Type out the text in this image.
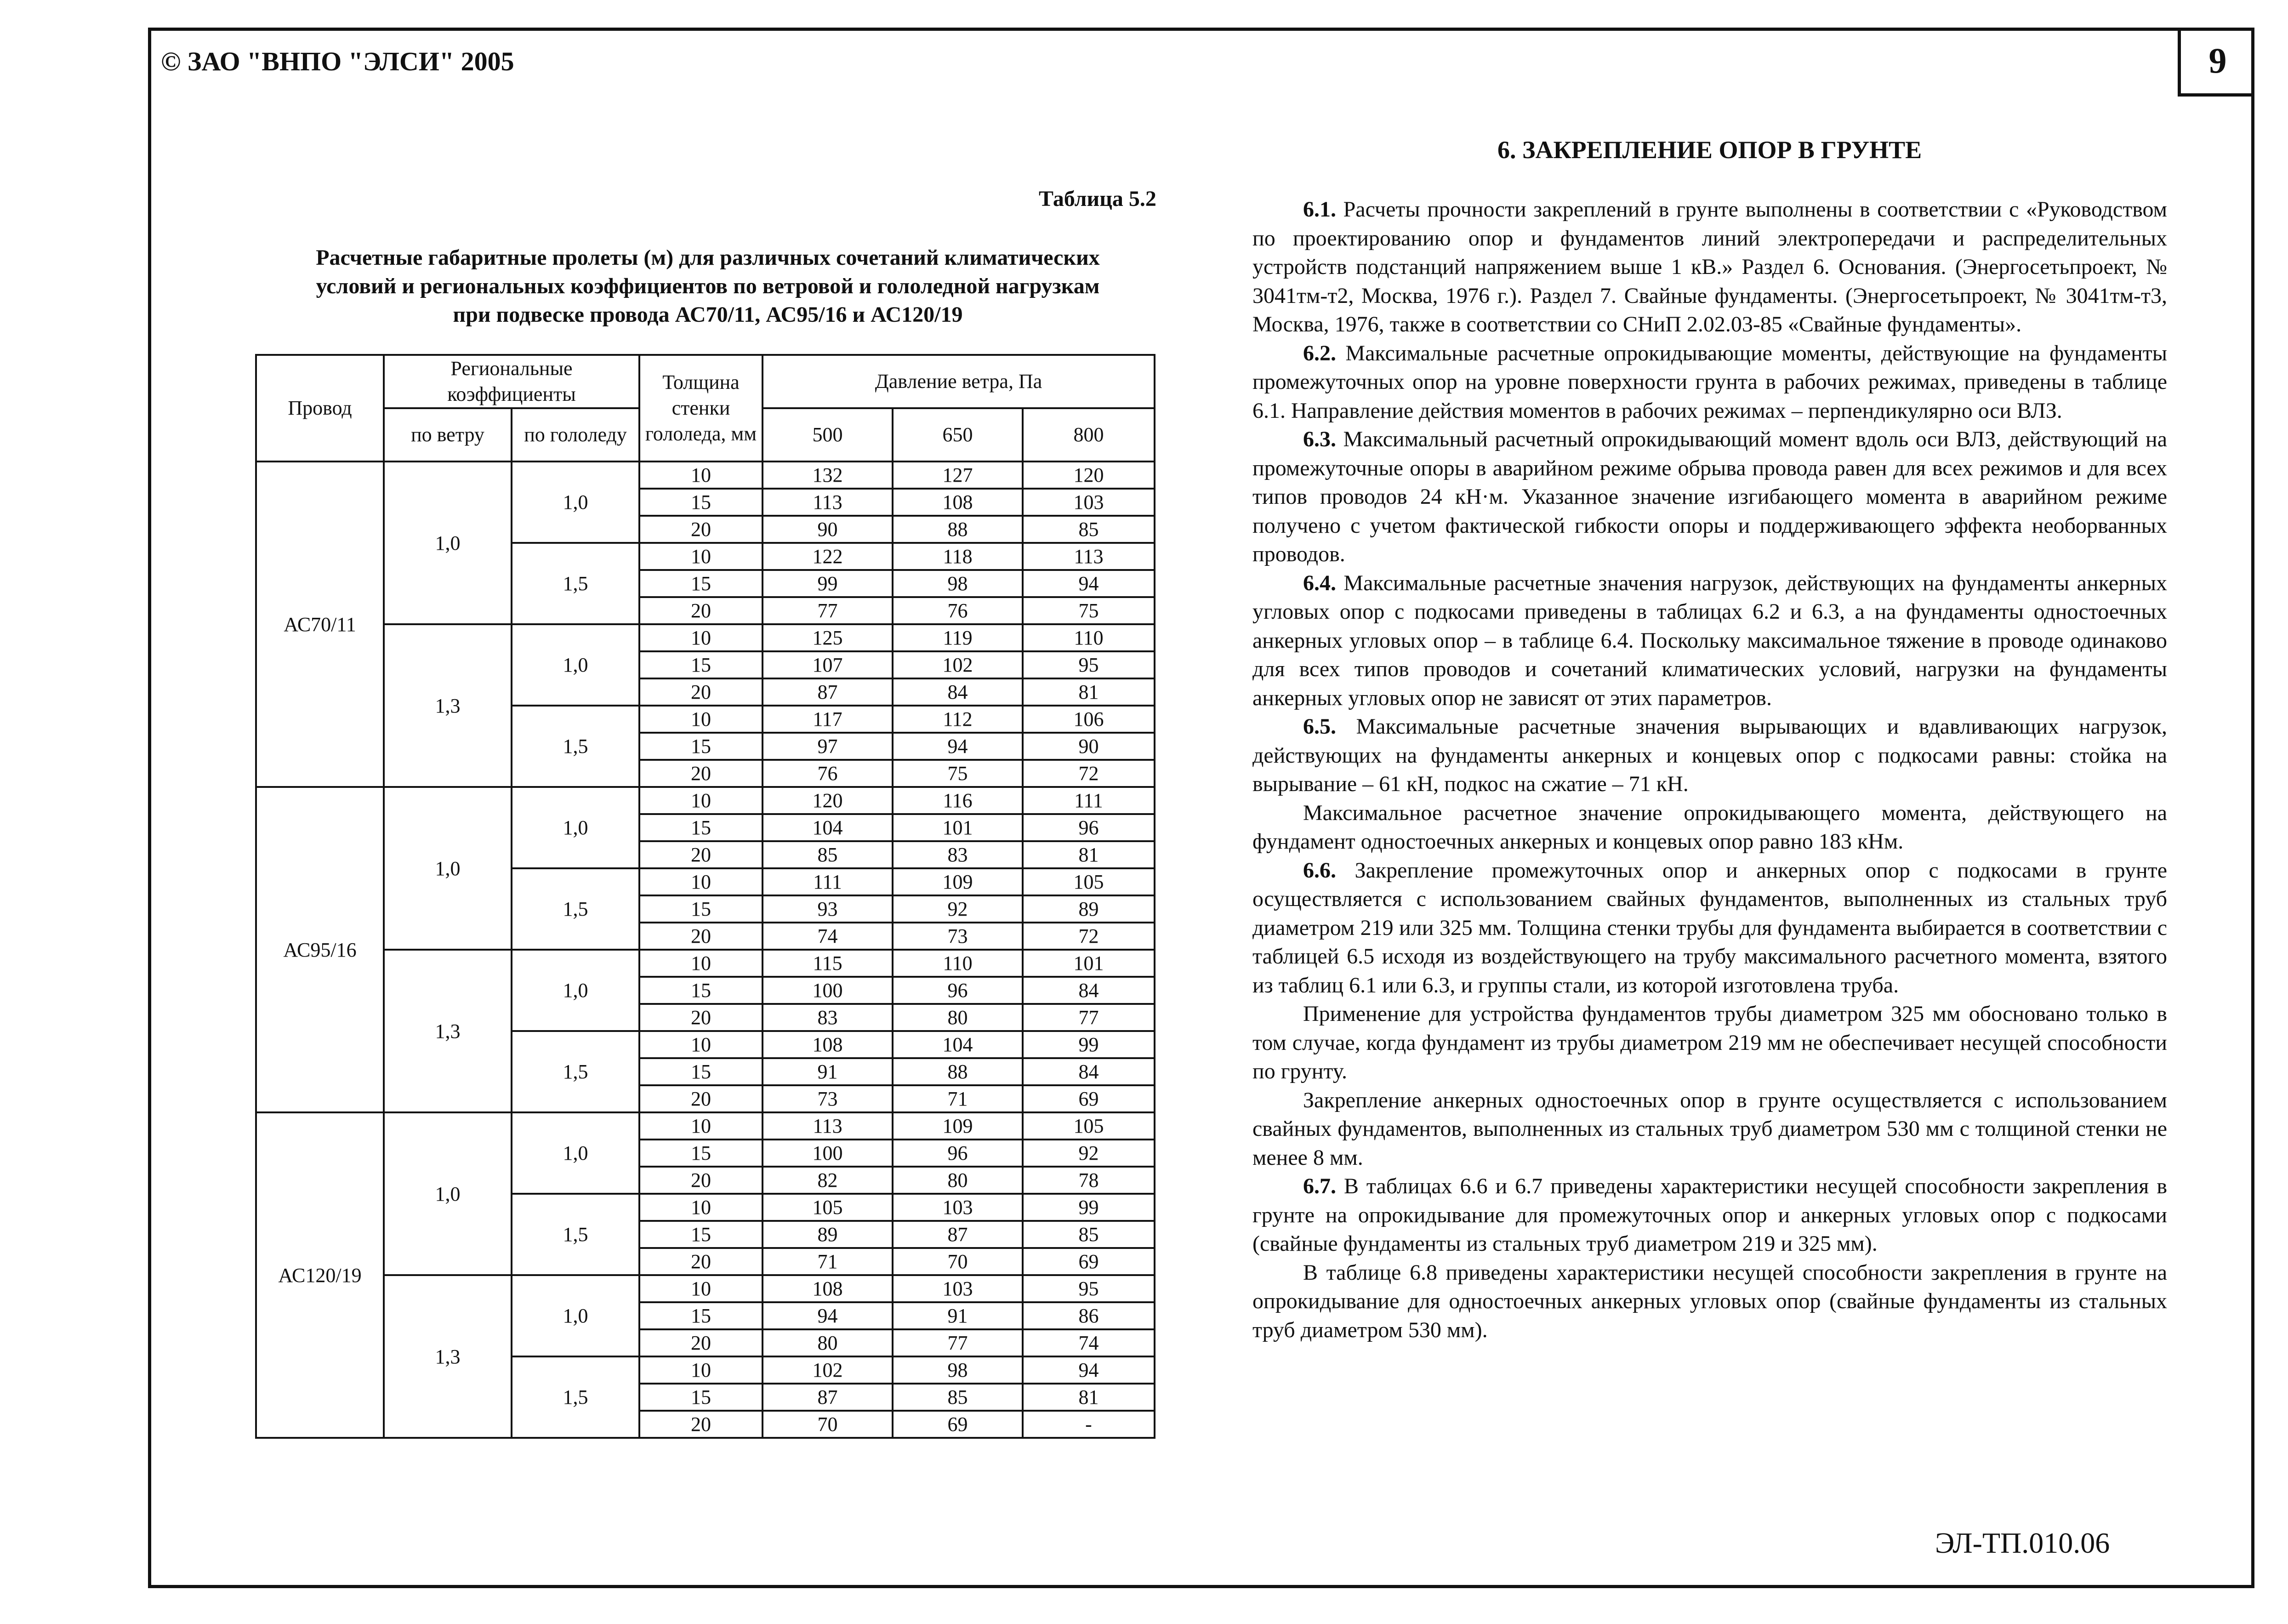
© ЗАО "ВНПО "ЭЛСИ" 2005	9
Таблица 5.2
Расчетные габаритные пролеты (м) для различных сочетаний климатических
условий и региональных коэффициентов по ветровой и гололедной нагрузкам
при подвеске провода АС70/11, АС95/16 и АС120/19
Провод	Региональные коэффициенты		Толщина стенки гололеда, мм	Давление ветра, Па		
	по ветру	по гололеду		500	650	800
АС70/11	1,0	1,0	10	132	127	120
			15	113	108	103
			20	90	88	85
		1,5	10	122	118	113
			15	99	98	94
			20	77	76	75
	1,3	1,0	10	125	119	110
			15	107	102	95
			20	87	84	81
		1,5	10	117	112	106
			15	97	94	90
			20	76	75	72
АС95/16	1,0	1,0	10	120	116	111
			15	104	101	96
			20	85	83	81
		1,5	10	111	109	105
			15	93	92	89
			20	74	73	72
	1,3	1,0	10	115	110	101
			15	100	96	84
			20	83	80	77
		1,5	10	108	104	99
			15	91	88	84
			20	73	71	69
АС120/19	1,0	1,0	10	113	109	105
			15	100	96	92
			20	82	80	78
		1,5	10	105	103	99
			15	89	87	85
			20	71	70	69
	1,3	1,0	10	108	103	95
			15	94	91	86
			20	80	77	74
		1,5	10	102	98	94
			15	87	85	81
			20	70	69	-
6. ЗАКРЕПЛЕНИЕ ОПОР В ГРУНТЕ

6.1. Расчеты прочности закреплений в грунте выполнены в соответствии с «Руководством по проектированию опор и фундаментов линий электропередачи и распределительных устройств подстанций напряжением выше 1 кВ.» Раздел 6. Основания. (Энергосетьпроект, № 3041тм-т2, Москва, 1976 г.). Раздел 7. Свайные фундаменты. (Энергосетьпроект, № 3041тм-т3, Москва, 1976, также в соответствии со СНиП 2.02.03-85 «Свайные фундаменты».

6.2. Максимальные расчетные опрокидывающие моменты, действующие на фундаменты промежуточных опор на уровне поверхности грунта в рабочих режимах, приведены в таблице 6.1. Направление действия моментов в рабочих режимах – перпендикулярно оси ВЛЗ.

6.3. Максимальный расчетный опрокидывающий момент вдоль оси ВЛЗ, действующий на промежуточные опоры в аварийном режиме обрыва провода равен для всех режимов и для всех типов проводов 24 кН·м. Указанное значение изгибающего момента в аварийном режиме получено с учетом фактической гибкости опоры и поддерживающего эффекта необорванных проводов.

6.4. Максимальные расчетные значения нагрузок, действующих на фундаменты анкерных угловых опор с подкосами приведены в таблицах 6.2 и 6.3, а на фундаменты одностоечных анкерных угловых опор – в таблице 6.4. Поскольку максимальное тяжение в проводе одинаково для всех типов проводов и сочетаний климатических условий, нагрузки на фундаменты анкерных угловых опор не зависят от этих параметров.

6.5. Максимальные расчетные значения вырывающих и вдавливающих нагрузок, действующих на фундаменты анкерных и концевых опор с подкосами равны: стойка на вырывание – 61 кН, подкос на сжатие – 71 кН.

Максимальное расчетное значение опрокидывающего момента, действующего на фундамент одностоечных анкерных и концевых опор равно 183 кНм.

6.6. Закрепление промежуточных опор и анкерных опор с подкосами в грунте осуществляется с использованием свайных фундаментов, выполненных из стальных труб диаметром 219 или 325 мм. Толщина стенки трубы для фундамента выбирается в соответствии с таблицей 6.5 исходя из воздействующего на трубу максимального расчетного момента, взятого из таблиц 6.1 или 6.3, и группы стали, из которой изготовлена труба.

Применение для устройства фундаментов трубы диаметром 325 мм обосновано только в том случае, когда фундамент из трубы диаметром 219 мм не обеспечивает несущей способности по грунту.

Закрепление анкерных одностоечных опор в грунте осуществляется с использованием свайных фундаментов, выполненных из стальных труб диаметром 530 мм с толщиной стенки не менее 8 мм.

6.7. В таблицах 6.6 и 6.7 приведены характеристики несущей способности закрепления в грунте на опрокидывание для промежуточных опор и анкерных угловых опор с подкосами (свайные фундаменты из стальных труб диаметром 219 и 325 мм).

В таблице 6.8 приведены характеристики несущей способности закрепления в грунте на опрокидывание для одностоечных анкерных угловых опор (свайные фундаменты из стальных труб диаметром 530 мм).

ЭЛ-ТП.010.06
